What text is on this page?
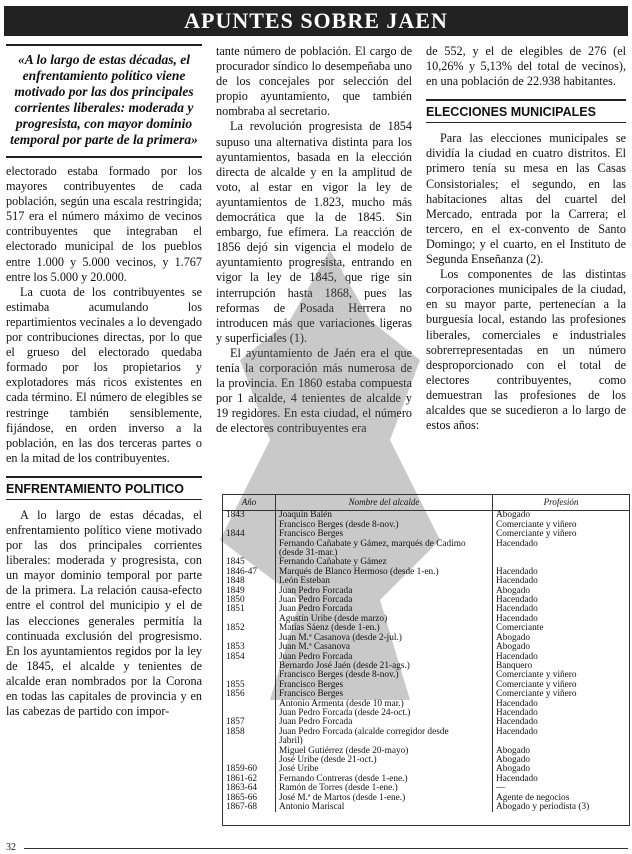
APUNTES SOBRE JAEN
«A lo largo de estas décadas, el enfrentamiento político viene motivado por las dos principales corrientes liberales: moderada y progresista, con mayor dominio temporal por parte de la primera»

electorado estaba formado por los mayores contribuyentes de cada población, según una escala restringida; 517 era el número máximo de vecinos contribuyentes que integraban el electorado municipal de los pueblos entre 1.000 y 5.000 vecinos, y 1.767 entre los 5.000 y 20.000.

La cuota de los contribuyentes se estimaba acumulando los repartimientos vecinales a lo devengado por contribuciones directas, por lo que el grueso del electorado quedaba formado por los propietarios y explotadores más ricos existentes en cada término. El número de elegibles se restringe también sensiblemente, fijándose, en orden inverso a la población, en las dos terceras partes o en la mitad de los contribuyentes.

ENFRENTAMIENTO POLITICO

A lo largo de estas décadas, el enfrentamiento político viene motivado por las dos principales corrientes liberales: moderada y progresista, con un mayor dominio temporal por parte de la primera. La relación causa-efecto entre el control del municipio y el de las elecciones generales permitía la continuada exclusión del progresismo. En los ayuntamientos regidos por la ley de 1845, el alcalde y tenientes de alcalde eran nombrados por la Corona en todas las capitales de provincia y en las cabezas de partido con impor-

tante número de población. El cargo de procurador síndico lo desempeñaba uno de los concejales por selección del propio ayuntamiento, que también nombraba al secretario.

La revolución progresista de 1854 supuso una alternativa distinta para los ayuntamientos, basada en la elección directa de alcalde y en la amplitud de voto, al estar en vigor la ley de ayuntamientos de 1.823, mucho más democrática que la de 1845. Sin embargo, fue efímera. La reacción de 1856 dejó sin vigencia el modelo de ayuntamiento progresista, entrando en vigor la ley de 1845, que rige sin interrupción hasta 1868, pues las reformas de Posada Herrera no introducen más que variaciones ligeras y superficiales (1).

El ayuntamiento de Jaén era el que tenía la corporación más numerosa de la provincia. En 1860 estaba compuesta por 1 alcalde, 4 tenientes de alcalde y 19 regidores. En esta ciudad, el número de electores contribuyentes era

de 552, y el de elegibles de 276 (el 10,26% y 5,13% del total de vecinos), en una población de 22.938 habitantes.

ELECCIONES MUNICIPALES

Para las elecciones municipales se dividía la ciudad en cuatro distritos. El primero tenía su mesa en las Casas Consistoriales; el segundo, en las habitaciones altas del cuartel del Mercado, entrada por la Carrera; el tercero, en el ex-convento de Santo Domingo; y el cuarto, en el Instituto de Segunda Enseñanza (2).

Los componentes de las distintas corporaciones municipales de la ciudad, en su mayor parte, pertenecían a la burguesía local, estando las profesiones liberales, comerciales e industriales sobrerrepresentadas en un número desproporcionado con el total de electores contribuyentes, como demuestran las profesiones de los alcaldes que se sucedieron a lo largo de estos años:

Año	Nombre del alcalde	Profesión
1843	Joaquín Balén	Abogado
	Francisco Berges (desde 8-nov.)	Comerciante y viñero
1844	Francisco Berges	Comerciante y viñero
	Fernando Cañabate y Gámez, marqués de Cadimo (desde 31-mar.)	Hacendado
1845	Fernando Cañabate y Gámez	
1846-47	Marqués de Blanco Hermoso (desde 1-en.)	Hacendado
1848	León Esteban	Hacendado
1849	Juan Pedro Forcada	Abogado
1850	Juan Pedro Forcada	Hacendado
1851	Juan Pedro Forcada	Hacendado
	Agustín Uribe (desde marzo)	Hacendado
1852	Matías Sáenz (desde 1-en.)	Comerciante
	Juan M.ª Casanova (desde 2-jul.)	Abogado
1853	Juan M.ª Casanova	Abogado
1854	Juan Pedro Forcada	Hacendado
	Bernardo José Jaén (desde 21-ags.)	Banquero
	Francisco Berges (desde 8-nov.)	Comerciante y viñero
1855	Francisco Berges	Comerciante y viñero
1856	Francisco Berges	Comerciante y viñero
	Antonio Armenta (desde 10 mar.)	Hacendado
	Juan Pedro Forcada (desde 24-oct.)	Hacendado
1857	Juan Pedro Forcada	Hacendado
1858	Juan Pedro Forcada (alcalde corregidor desde	Hacendado
	Jabril)	
	Miguel Gutiérrez (desde 20-mayo)	Abogado
	José Uribe (desde 21-oct.)	Abogado
1859-60	José Uribe	Abogado
1861-62	Fernando Contreras (desde 1-ene.)	Hacendado
1863-64	Ramón de Torres (desde 1-ene.)	—
1865-66	José M.ª de Martos (desde 1-ene.)	Agente de negocios
1867-68	Antonio Mariscal	Abogado y periodista (3)
32
